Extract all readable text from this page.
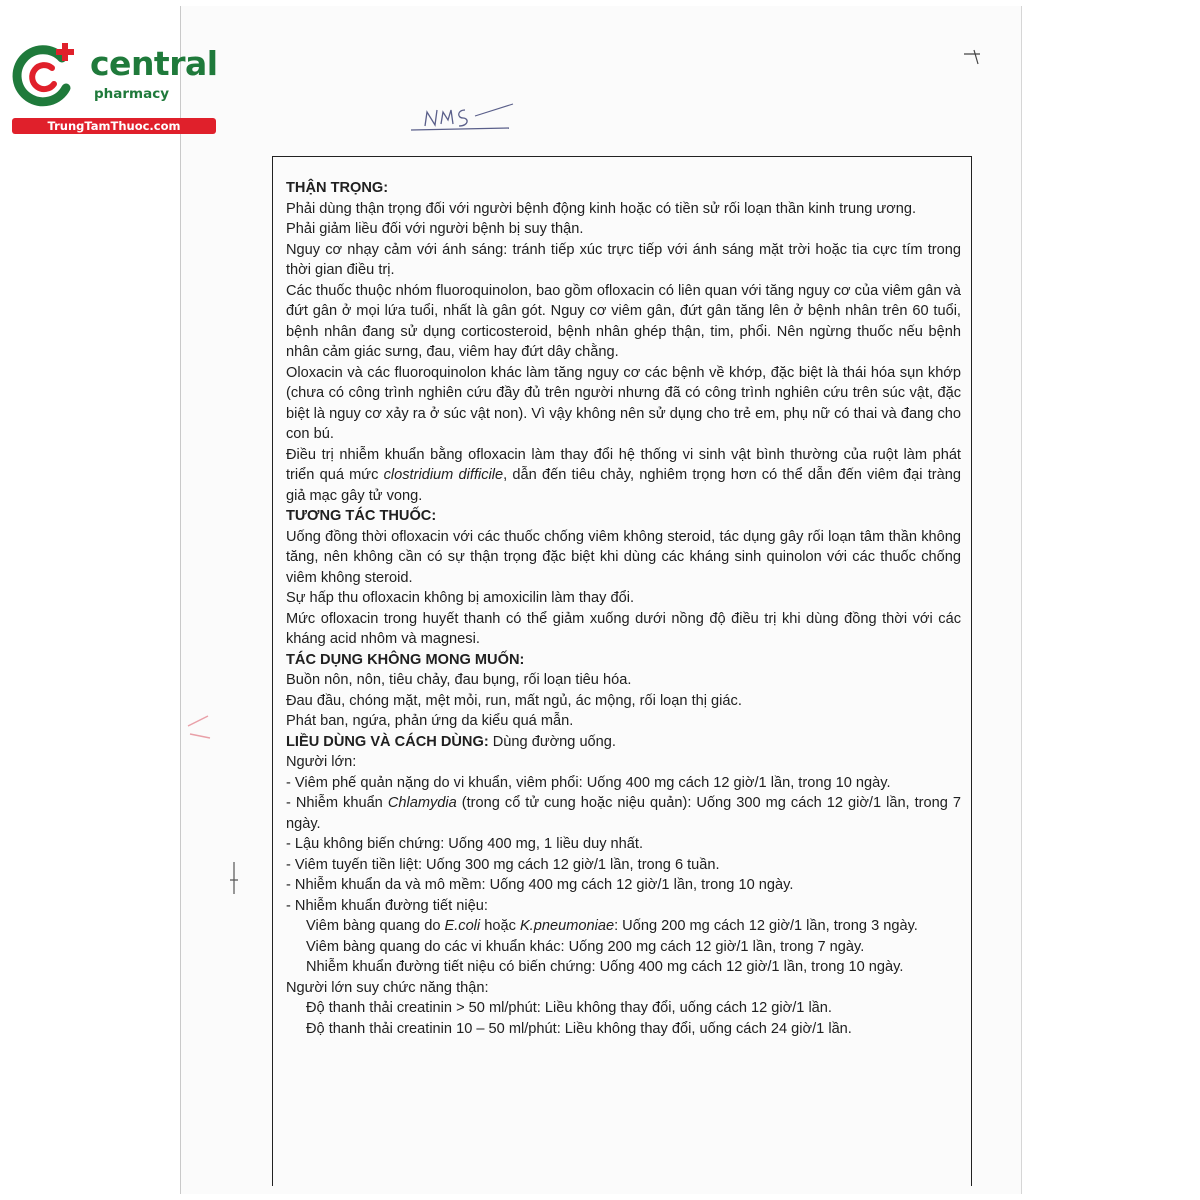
central
pharmacy
TrungTamThuoc.com

THẬN TRỌNG:

Phải dùng thận trọng đối với người bệnh động kinh hoặc có tiền sử rối loạn thần kinh trung ương.

Phải giảm liều đối với người bệnh bị suy thận.

Nguy cơ nhạy cảm với ánh sáng: tránh tiếp xúc trực tiếp với ánh sáng mặt trời hoặc tia cực tím trong thời gian điều trị.

Các thuốc thuộc nhóm fluoroquinolon, bao gồm ofloxacin có liên quan với tăng nguy cơ của viêm gân và đứt gân ở mọi lứa tuổi, nhất là gân gót. Nguy cơ viêm gân, đứt gân tăng lên ở bệnh nhân trên 60 tuổi, bệnh nhân đang sử dụng corticosteroid, bệnh nhân ghép thận, tim, phổi. Nên ngừng thuốc nếu bệnh nhân cảm giác sưng, đau, viêm hay đứt dây chằng.

Oloxacin và các fluoroquinolon khác làm tăng nguy cơ các bệnh về khớp, đặc biệt là thái hóa sụn khớp (chưa có công trình nghiên cứu đầy đủ trên người nhưng đã có công trình nghiên cứu trên súc vật, đặc biệt là nguy cơ xảy ra ở súc vật non). Vì vậy không nên sử dụng cho trẻ em, phụ nữ có thai và đang cho con bú.

Điều trị nhiễm khuẩn bằng ofloxacin làm thay đổi hệ thống vi sinh vật bình thường của ruột làm phát triển quá mức clostridium difficile, dẫn đến tiêu chảy, nghiêm trọng hơn có thể dẫn đến viêm đại tràng giả mạc gây tử vong.

TƯƠNG TÁC THUỐC:

Uống đồng thời ofloxacin với các thuốc chống viêm không steroid, tác dụng gây rối loạn tâm thần không tăng, nên không cần có sự thận trọng đặc biệt khi dùng các kháng sinh quinolon với các thuốc chống viêm không steroid.

Sự hấp thu ofloxacin không bị amoxicilin làm thay đổi.

Mức ofloxacin trong huyết thanh có thể giảm xuống dưới nồng độ điều trị khi dùng đồng thời với các kháng acid nhôm và magnesi.

TÁC DỤNG KHÔNG MONG MUỐN:

Buồn nôn, nôn, tiêu chảy, đau bụng, rối loạn tiêu hóa.

Đau đầu, chóng mặt, mệt mỏi, run, mất ngủ, ác mộng, rối loạn thị giác.

Phát ban, ngứa, phản ứng da kiểu quá mẫn.

LIỀU DÙNG VÀ CÁCH DÙNG: Dùng đường uống.

Người lớn:

- Viêm phế quản nặng do vi khuẩn, viêm phổi: Uống 400 mg cách 12 giờ/1 lần, trong 10 ngày.

- Nhiễm khuẩn Chlamydia (trong cổ tử cung hoặc niệu quản): Uống 300 mg cách 12 giờ/1 lần, trong 7 ngày.

- Lậu không biến chứng: Uống 400 mg, 1 liều duy nhất.

- Viêm tuyến tiền liệt: Uống 300 mg cách 12 giờ/1 lần, trong 6 tuần.

- Nhiễm khuẩn da và mô mềm: Uống 400 mg cách 12 giờ/1 lần, trong 10 ngày.

- Nhiễm khuẩn đường tiết niệu:

Viêm bàng quang do E.coli hoặc K.pneumoniae: Uống 200 mg cách 12 giờ/1 lần, trong 3 ngày.

Viêm bàng quang do các vi khuẩn khác: Uống 200 mg cách 12 giờ/1 lần, trong 7 ngày.

Nhiễm khuẩn đường tiết niệu có biến chứng: Uống 400 mg cách 12 giờ/1 lần, trong 10 ngày.

Người lớn suy chức năng thận:

Độ thanh thải creatinin > 50 ml/phút: Liều không thay đổi, uống cách 12 giờ/1 lần.

Độ thanh thải creatinin 10 – 50 ml/phút: Liều không thay đổi, uống cách 24 giờ/1 lần.
